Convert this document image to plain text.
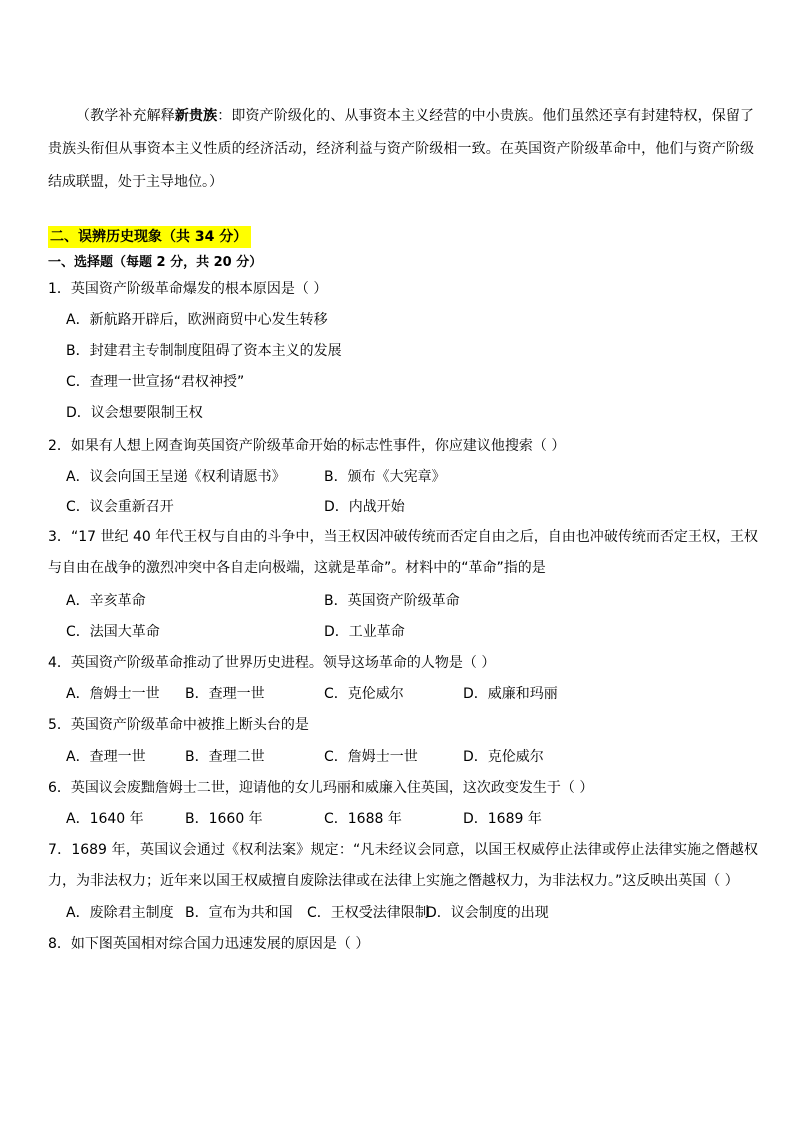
（教学补充解释新贵族：即资产阶级化的、从事资本主义经营的中小贵族。他们虽然还享有封建特权，保留了贵族头衔但从事资本主义性质的经济活动，经济利益与资产阶级相一致。在英国资产阶级革命中，他们与资产阶级结成联盟，处于主导地位。）
二、误辨历史现象（共 34 分）
一、选择题（每题 2 分，共 20 分）
1．英国资产阶级革命爆发的根本原因是（ ）
A．新航路开辟后，欧洲商贸中心发生转移
B．封建君主专制制度阻碍了资本主义的发展
C．查理一世宣扬“君权神授”
D．议会想要限制王权
2．如果有人想上网查询英国资产阶级革命开始的标志性事件，你应建议他搜索（ ）
A．议会向国王呈递《权利请愿书》	B．颁布《大宪章》
C．议会重新召开	D．内战开始
3．“17 世纪 40 年代王权与自由的斗争中，当王权因冲破传统而否定自由之后，自由也冲破传统而否定王权，王权与自由在战争的激烈冲突中各自走向极端，这就是革命”。材料中的“革命”指的是
A．辛亥革命	B．英国资产阶级革命
C．法国大革命	D．工业革命
4．英国资产阶级革命推动了世界历史进程。领导这场革命的人物是（ ）
A．詹姆士一世 B．查理一世	C．克伦威尔	D．威廉和玛丽
5．英国资产阶级革命中被推上断头台的是
A．查理一世	B．查理二世	C．詹姆士一世	D．克伦威尔
6．英国议会废黜詹姆士二世，迎请他的女儿玛丽和威廉入住英国，这次政变发生于（ ）
A．1640 年	B．1660 年	C．1688 年	D．1689 年
7．1689 年，英国议会通过《权利法案》规定：“凡未经议会同意，以国王权威停止法律或停止法律实施之僭越权力，为非法权力；近年来以国王权威擅自废除法律或在法律上实施之僭越权力，为非法权力。”这反映出英国（ ）
A．废除君主制度 B．宣布为共和国 C．王权受法律限制
D．议会制度的出现
8．如下图英国相对综合国力迅速发展的原因是（ ）
